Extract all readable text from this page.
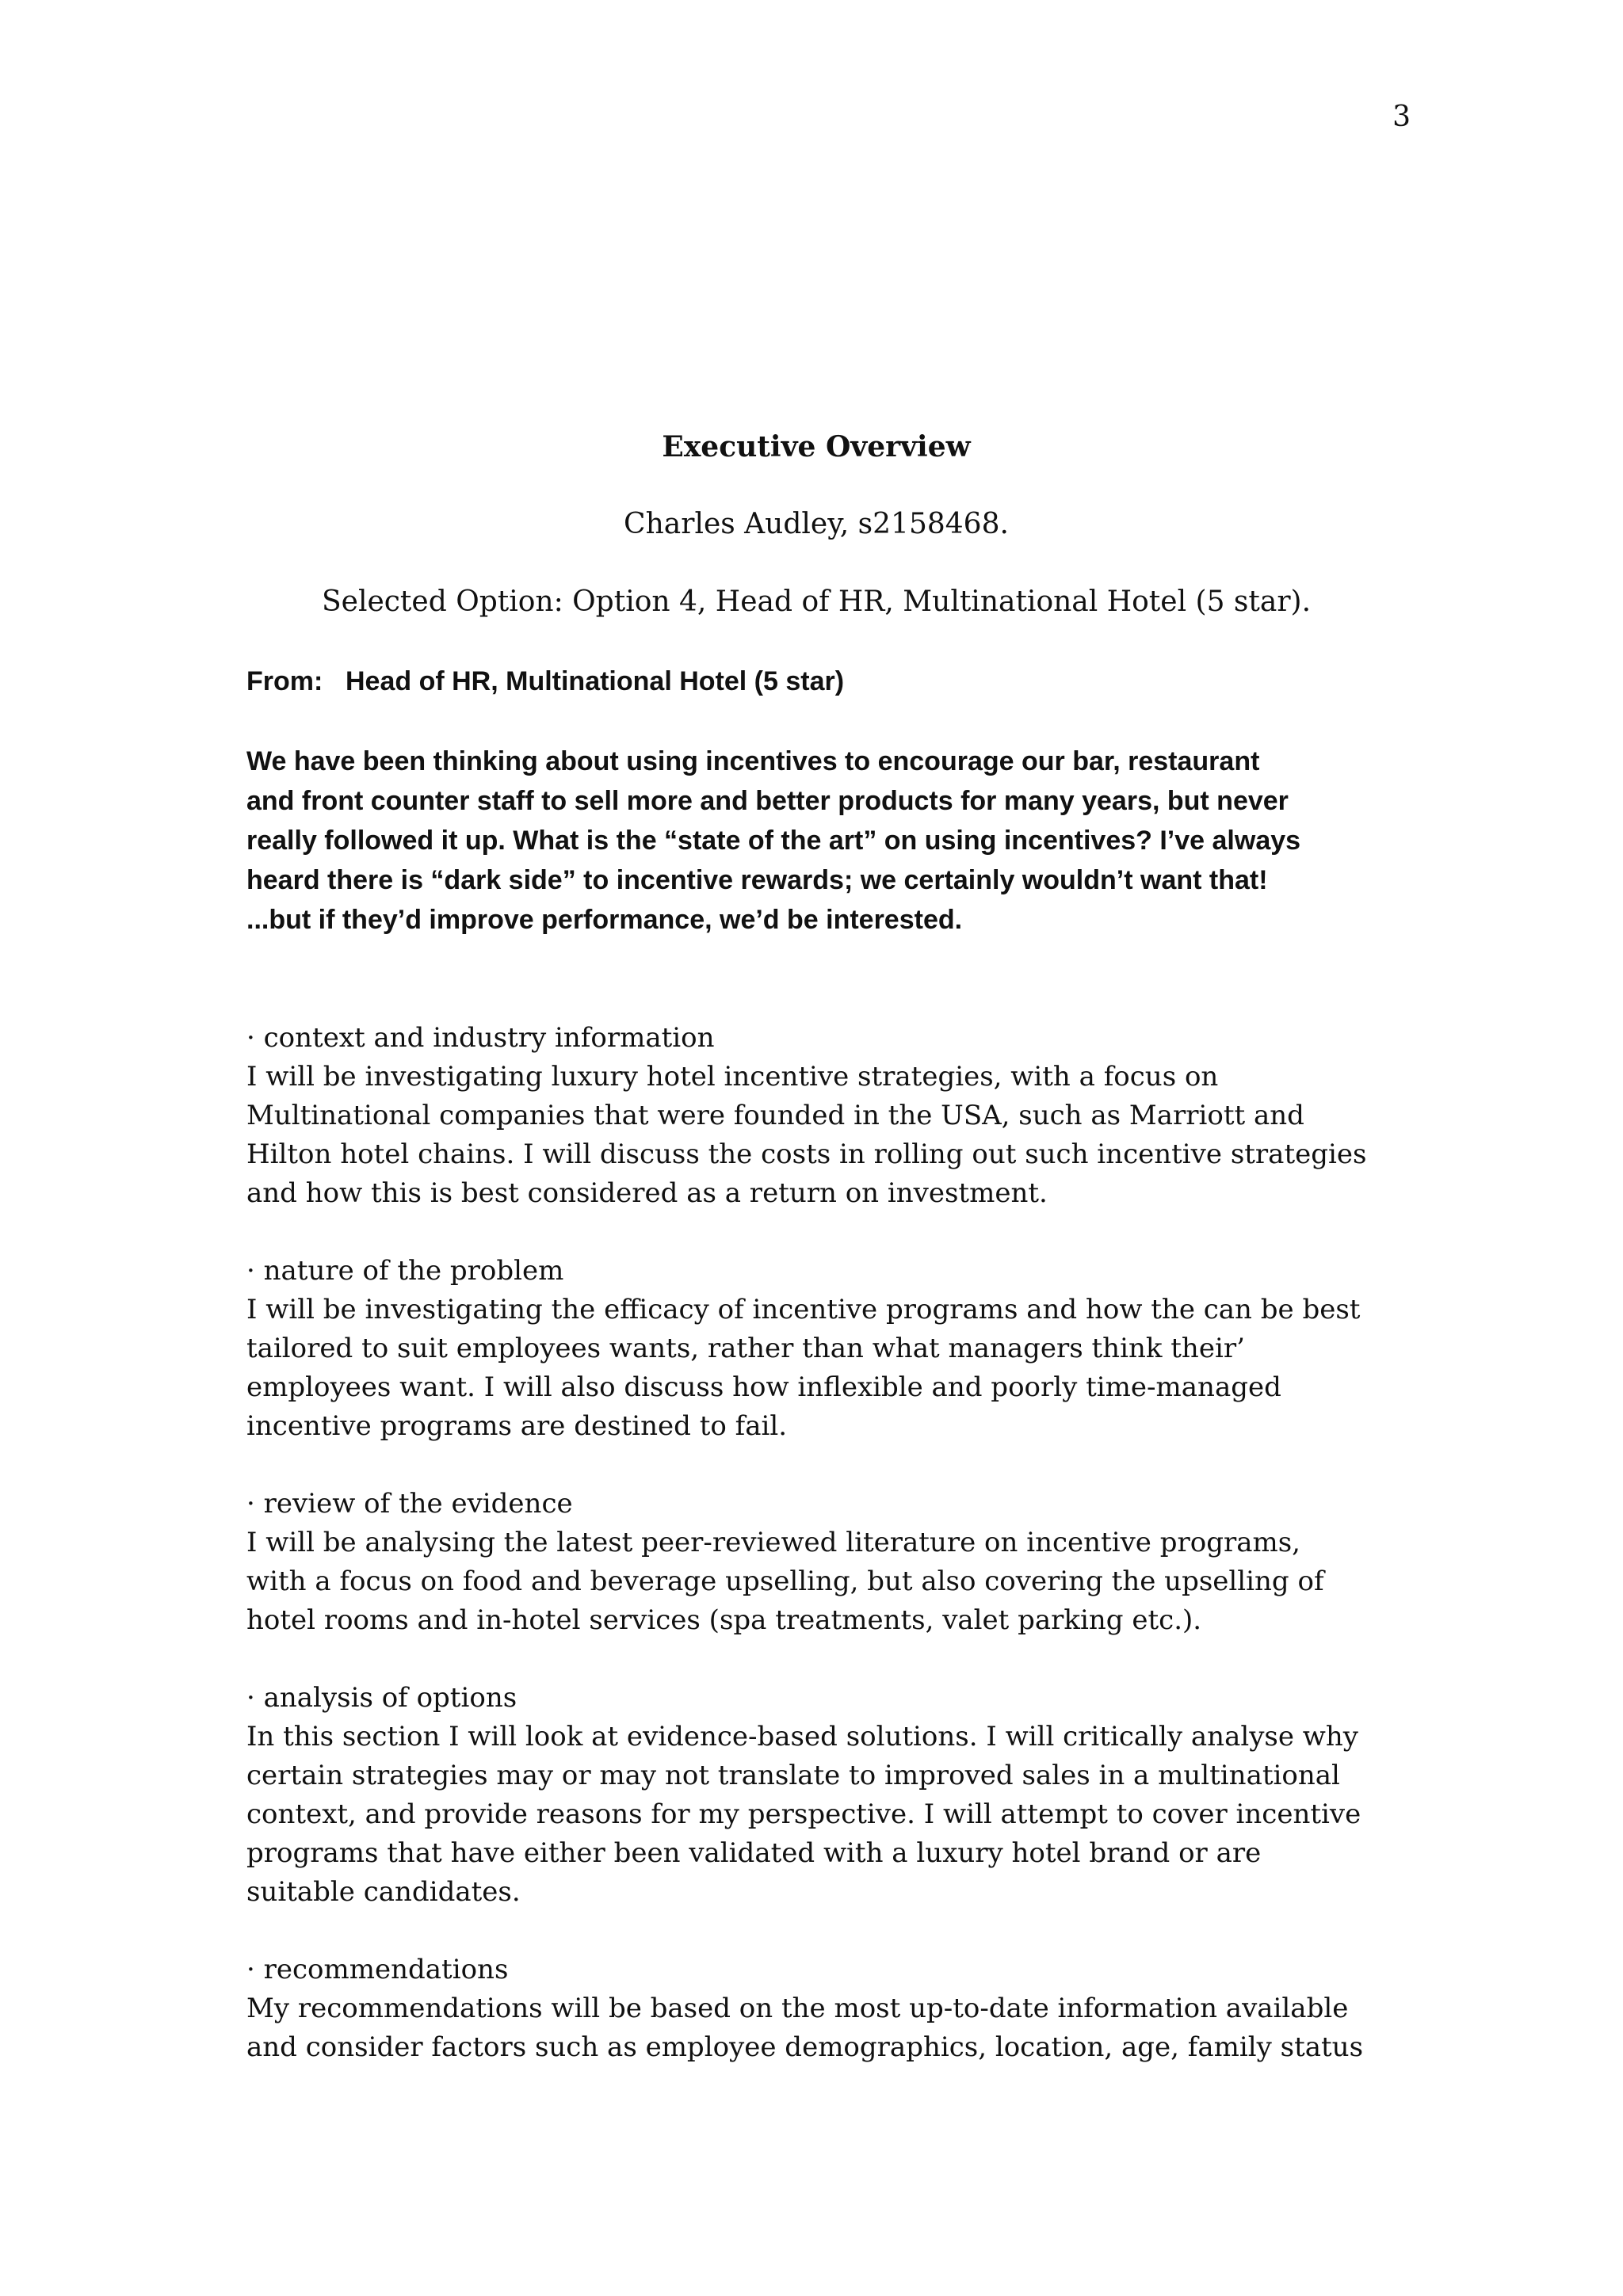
3
Executive Overview
Charles Audley, s2158468.
Selected Option: Option 4, Head of HR, Multinational Hotel (5 star).
From: Head of HR, Multinational Hotel (5 star)

We have been thinking about using incentives to encourage our bar, restaurant

and front counter staff to sell more and better products for many years, but never

really followed it up. What is the “state of the art” on using incentives? I’ve always

heard there is “dark side” to incentive rewards; we certainly wouldn’t want that!

...but if they’d improve performance, we’d be interested.

· context and industry information

I will be investigating luxury hotel incentive strategies, with a focus on

Multinational companies that were founded in the USA, such as Marriott and

Hilton hotel chains. I will discuss the costs in rolling out such incentive strategies

and how this is best considered as a return on investment.

· nature of the problem

I will be investigating the efficacy of incentive programs and how the can be best

tailored to suit employees wants, rather than what managers think their’

employees want. I will also discuss how inflexible and poorly time-managed

incentive programs are destined to fail.

· review of the evidence

I will be analysing the latest peer-reviewed literature on incentive programs,

with a focus on food and beverage upselling, but also covering the upselling of

hotel rooms and in-hotel services (spa treatments, valet parking etc.).

· analysis of options

In this section I will look at evidence-based solutions. I will critically analyse why

certain strategies may or may not translate to improved sales in a multinational

context, and provide reasons for my perspective. I will attempt to cover incentive

programs that have either been validated with a luxury hotel brand or are

suitable candidates.

· recommendations

My recommendations will be based on the most up-to-date information available

and consider factors such as employee demographics, location, age, family status
